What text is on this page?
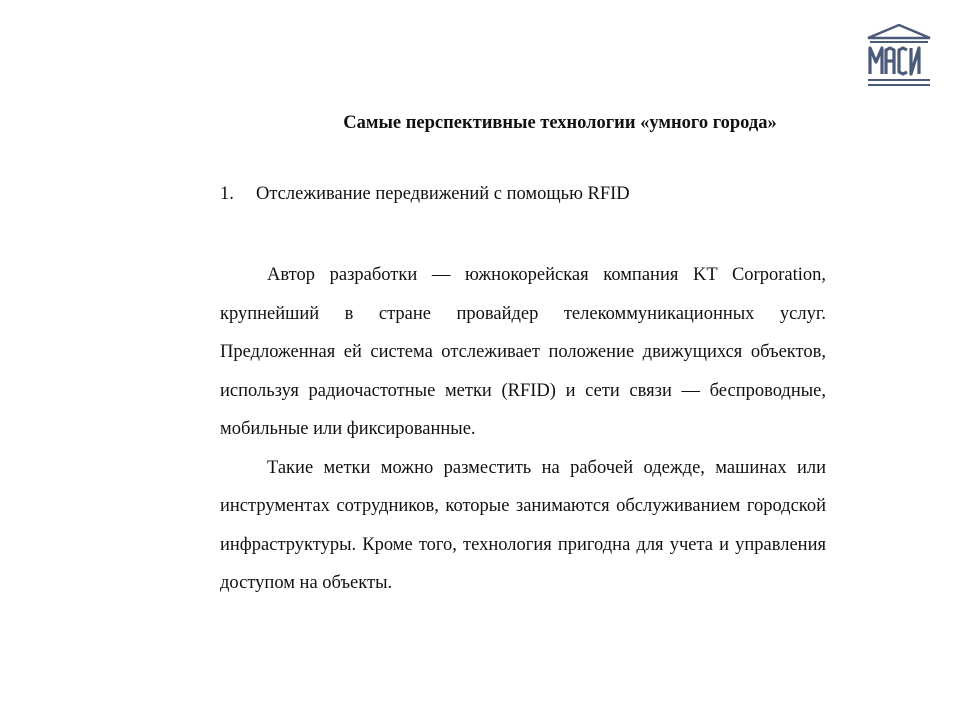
Самые перспективные технологии «умного города»
1. Отслеживание передвижений с помощью RFID

Автор разработки — южнокорейская компания KT Corporation, крупнейший в стране провайдер телекоммуникационных услуг. Предложенная ей система отслеживает положение движущихся объектов, используя радиочастотные метки (RFID) и сети связи — беспроводные, мобильные или фиксированные.

Такие метки можно разместить на рабочей одежде, машинах или инструментах сотрудников, которые занимаются обслуживанием городской инфраструктуры. Кроме того, технология пригодна для учета и управления доступом на объекты.
